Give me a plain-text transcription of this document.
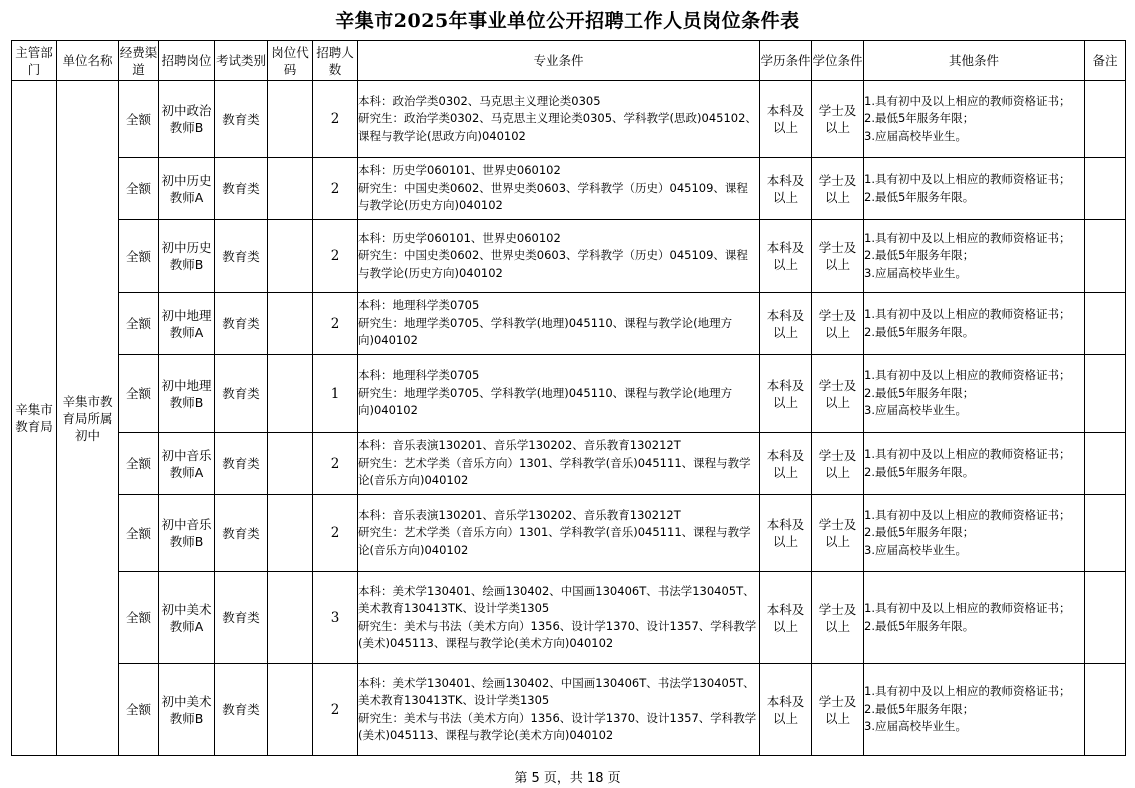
辛集市2025年事业单位公开招聘工作人员岗位条件表
主管部门	单位名称	经费渠道	招聘岗位	考试类别	岗位代码	招聘人数	专业条件	学历条件	学位条件	其他条件	备注
辛集市教育局	辛集市教育局所属初中	全额	初中政治教师B	教育类		2	本科：政治学类0302、马克思主义理论类0305
研究生：政治学类0302、马克思主义理论类0305、学科教学(思政)045102、课程与教学论(思政方向)040102	本科及以上	学士及以上	1.具有初中及以上相应的教师资格证书；
2.最低5年服务年限；
3.应届高校毕业生。	

		全额	初中历史教师A	教育类		2	本科：历史学060101、世界史060102
研究生：中国史类0602、世界史类0603、学科教学（历史）045109、课程与教学论(历史方向)040102	本科及以上	学士及以上	1.具有初中及以上相应的教师资格证书；
2.最低5年服务年限。	

		全额	初中历史教师B	教育类		2	本科：历史学060101、世界史060102
研究生：中国史类0602、世界史类0603、学科教学（历史）045109、课程与教学论(历史方向)040102	本科及以上	学士及以上	1.具有初中及以上相应的教师资格证书；
2.最低5年服务年限；
3.应届高校毕业生。	

		全额	初中地理教师A	教育类		2	本科：地理科学类0705
研究生：地理学类0705、学科教学(地理)045110、课程与教学论(地理方向)040102	本科及以上	学士及以上	1.具有初中及以上相应的教师资格证书；
2.最低5年服务年限。	

		全额	初中地理教师B	教育类		1	本科：地理科学类0705
研究生：地理学类0705、学科教学(地理)045110、课程与教学论(地理方向)040102	本科及以上	学士及以上	1.具有初中及以上相应的教师资格证书；
2.最低5年服务年限；
3.应届高校毕业生。	

		全额	初中音乐教师A	教育类		2	本科：音乐表演130201、音乐学130202、音乐教育130212T
研究生：艺术学类（音乐方向）1301、学科教学(音乐)045111、课程与教学论(音乐方向)040102	本科及以上	学士及以上	1.具有初中及以上相应的教师资格证书；
2.最低5年服务年限。	

		全额	初中音乐教师B	教育类		2	本科：音乐表演130201、音乐学130202、音乐教育130212T
研究生：艺术学类（音乐方向）1301、学科教学(音乐)045111、课程与教学论(音乐方向)040102	本科及以上	学士及以上	1.具有初中及以上相应的教师资格证书；
2.最低5年服务年限；
3.应届高校毕业生。	

		全额	初中美术教师A	教育类		3	本科：美术学130401、绘画130402、中国画130406T、书法学130405T、美术教育130413TK、设计学类1305
研究生：美术与书法（美术方向）1356、设计学1370、设计1357、学科教学(美术)045113、课程与教学论(美术方向)040102	本科及以上	学士及以上	1.具有初中及以上相应的教师资格证书；
2.最低5年服务年限。	

		全额	初中美术教师B	教育类		2	本科：美术学130401、绘画130402、中国画130406T、书法学130405T、美术教育130413TK、设计学类1305
研究生：美术与书法（美术方向）1356、设计学1370、设计1357、学科教学(美术)045113、课程与教学论(美术方向)040102	本科及以上	学士及以上	1.具有初中及以上相应的教师资格证书；
2.最低5年服务年限；
3.应届高校毕业生。	

第 5 页，共 18 页
